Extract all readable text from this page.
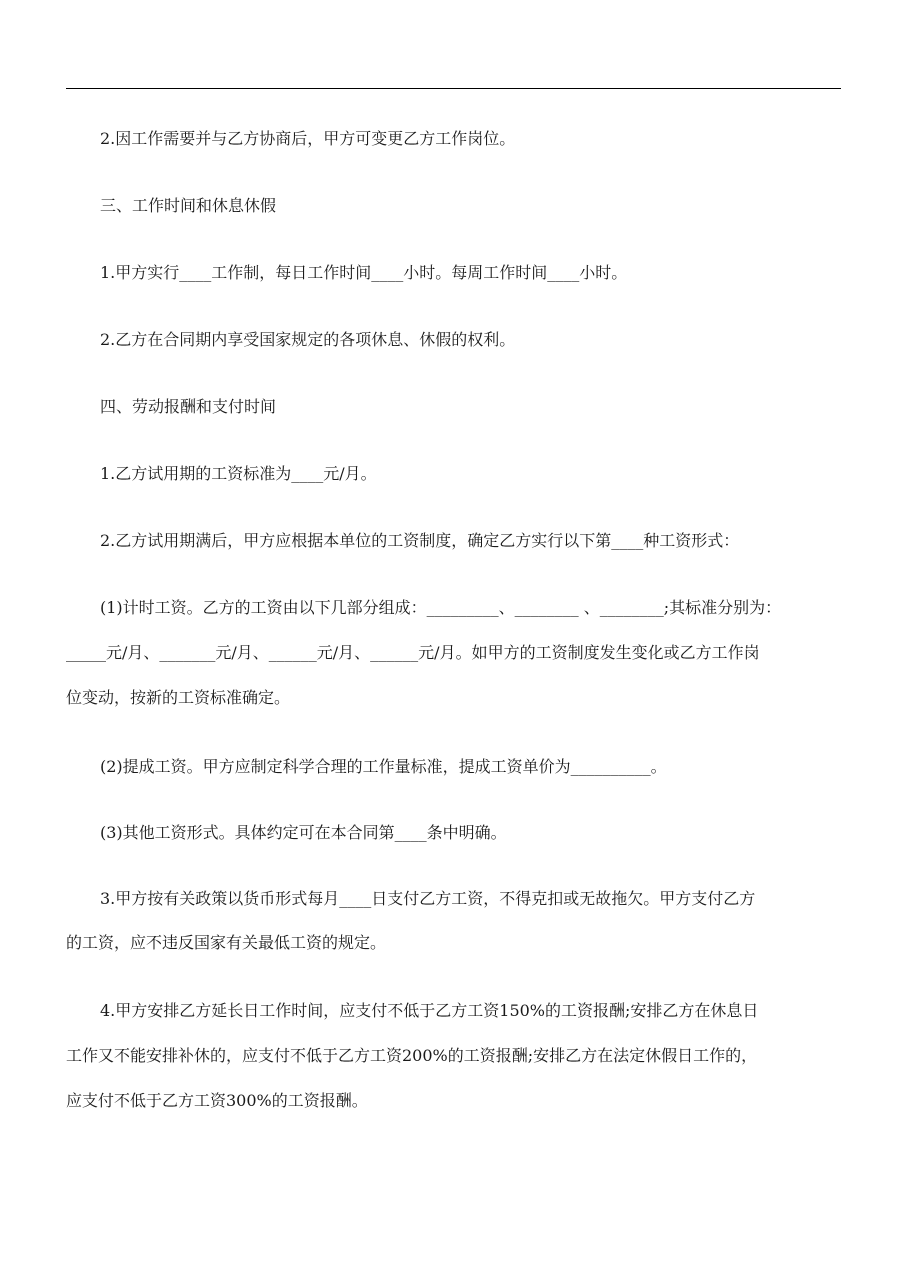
2.因工作需要并与乙方协商后，甲方可变更乙方工作岗位。
三、工作时间和休息休假
1.甲方实行____工作制，每日工作时间____小时。每周工作时间____小时。
2.乙方在合同期内享受国家规定的各项休息、休假的权利。
四、劳动报酬和支付时间
1.乙方试用期的工资标准为____元/月。
2.乙方试用期满后，甲方应根据本单位的工资制度，确定乙方实行以下第____种工资形式：
(1)计时工资。乙方的工资由以下几部分组成：_________、________ 、________;其标准分别为：
_____元/月、_______元/月、______元/月、______元/月。如甲方的工资制度发生变化或乙方工作岗
位变动，按新的工资标准确定。
(2)提成工资。甲方应制定科学合理的工作量标准，提成工资单价为__________。
(3)其他工资形式。具体约定可在本合同第____条中明确。
3.甲方按有关政策以货币形式每月____日支付乙方工资，不得克扣或无故拖欠。甲方支付乙方
的工资，应不违反国家有关最低工资的规定。
4.甲方安排乙方延长日工作时间，应支付不低于乙方工资150%的工资报酬;安排乙方在休息日
工作又不能安排补休的，应支付不低于乙方工资200%的工资报酬;安排乙方在法定休假日工作的，
应支付不低于乙方工资300%的工资报酬。
